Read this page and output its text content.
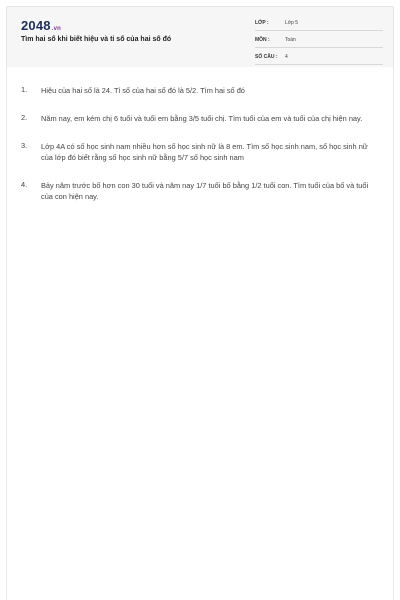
2048.vn
Tìm hai số khi biết hiệu và tỉ số của hai số đó
LỚP :	Lớp 5
MÔN :	Toán
SỐ CÂU : 4
1. Hiệu của hai số là 24. Tỉ số của hai số đó là 5/2. Tìm hai số đó
2. Năm nay, em kém chị 6 tuổi và tuổi em bằng 3/5 tuổi chị. Tìm tuổi của em và tuổi của chị hiện nay.
3. Lớp 4A có số học sinh nam nhiều hơn số học sinh nữ là 8 em. Tìm số học sinh nam, số học sinh nữ của lớp đó biết rằng số học sinh nữ bằng 5/7 số học sinh nam
4. Bảy năm trước bố hơn con 30 tuổi và năm nay 1/7 tuổi bố bằng 1/2 tuổi con. Tìm tuổi của bố và tuổi của con hiện nay.
